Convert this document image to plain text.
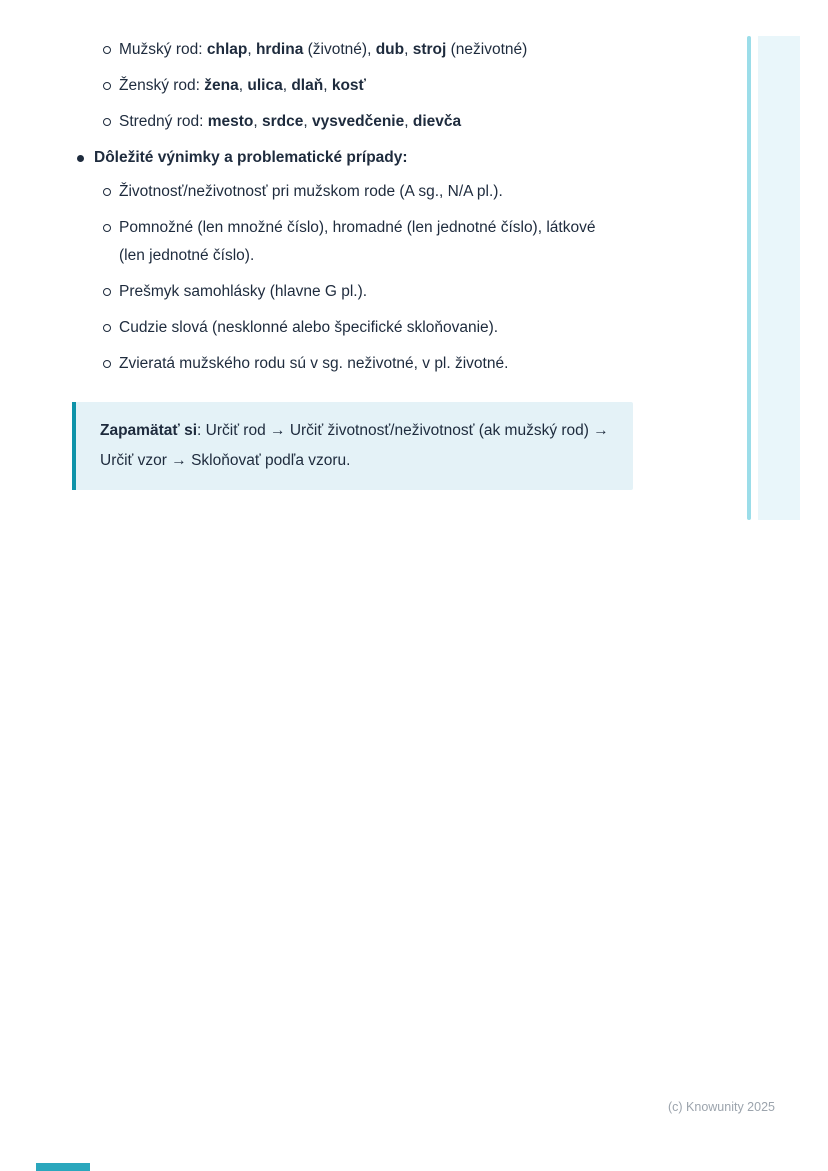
Mužský rod: chlap, hrdina (životné), dub, stroj (neživotné)
Ženský rod: žena, ulica, dlaň, kosť
Stredný rod: mesto, srdce, vysvedčenie, dievča
Dôležité výnimky a problematické prípady:
Životnosť/neživotnosť pri mužskom rode (A sg., N/A pl.).
Pomnožné (len množné číslo), hromadné (len jednotné číslo), látkové (len jednotné číslo).
Prešmyk samohlásky (hlavne G pl.).
Cudzie slová (nesklonné alebo špecifické skloňovanie).
Zvieratá mužského rodu sú v sg. neživotné, v pl. životné.
Zapamätať si: Určiť rod → Určiť životnosť/neživotnosť (ak mužský rod) → Určiť vzor → Skloňovať podľa vzoru.
(c) Knowunity 2025
